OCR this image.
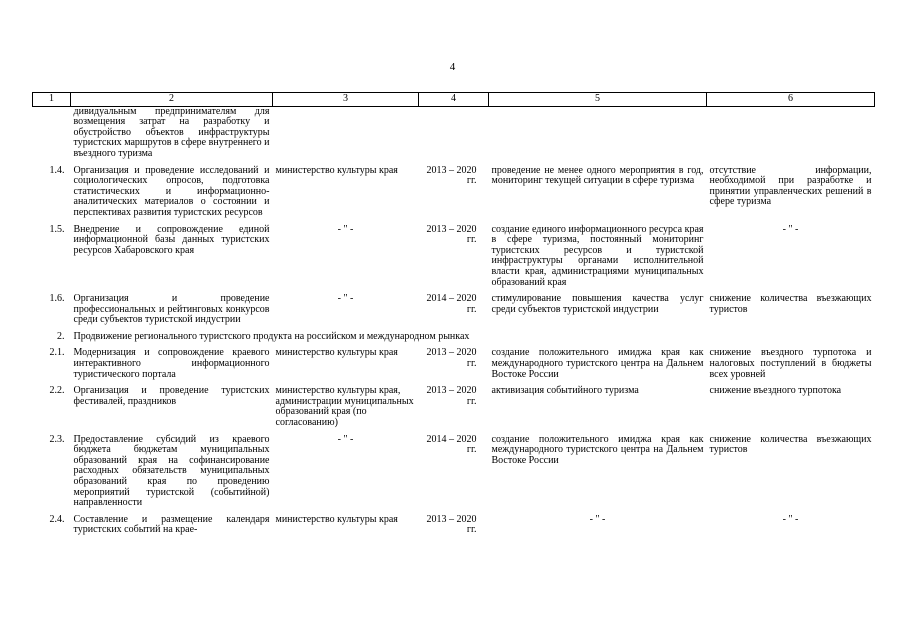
4
1	2	3	4	5	6
	дивидуальным предпринимателям для возмещения затрат на разработку и обустройство объектов инфраструктуры туристских маршрутов в сфере внутреннего и въездного туризма				
1.4.	Организация и проведение исследований и социологических опросов, подготовка статистических и информационно-аналитических материалов о состоянии и перспективах развития туристских ресурсов	министерство культуры края	2013 – 2020 гг.	проведение не менее одного мероприятия в год, мониторинг текущей ситуации в сфере туризма	отсутствие информации, необходимой при разработке и принятии управленческих решений в сфере туризма
1.5.	Внедрение и сопровождение единой информационной базы данных туристских ресурсов Хабаровского края	- " -	2013 – 2020 гг.	создание единого информационного ресурса края в сфере туризма, постоянный мониторинг туристских ресурсов и туристской инфраструктуры органами исполнительной власти края, администрациями муниципальных образований края	- " -
1.6.	Организация и проведение профессиональных и рейтинговых конкурсов среди субъектов туристской индустрии	- " -	2014 – 2020 гг.	стимулирование повышения качества услуг среди субъектов туристской индустрии	снижение количества въезжающих туристов
2.	Продвижение регионального туристского продукта на российском и международном рынках				
2.1.	Модернизация и сопровождение краевого интерактивного информационного туристического портала	министерство культуры края	2013 – 2020 гг.	создание положительного имиджа края как международного туристского центра на Дальнем Востоке России	снижение въездного турпотока и налоговых поступлений в бюджеты всех уровней
2.2.	Организация и проведение туристских фестивалей, праздников	министерство культуры края, администрации муниципальных образований края (по согласованию)	2013 – 2020 гг.	активизация событийного туризма	снижение въездного турпотока
2.3.	Предоставление субсидий из краевого бюджета бюджетам муниципальных образований края на софинансирование расходных обязательств муниципальных образований края по проведению мероприятий туристской (событийной) направленности	- " -	2014 – 2020 гг.	создание положительного имиджа края как международного туристского центра на Дальнем Востоке России	снижение количества въезжающих туристов
2.4.	Составление и размещение календаря туристских событий на крае-	министерство культуры края	2013 – 2020 гг.	- " -	- " -
